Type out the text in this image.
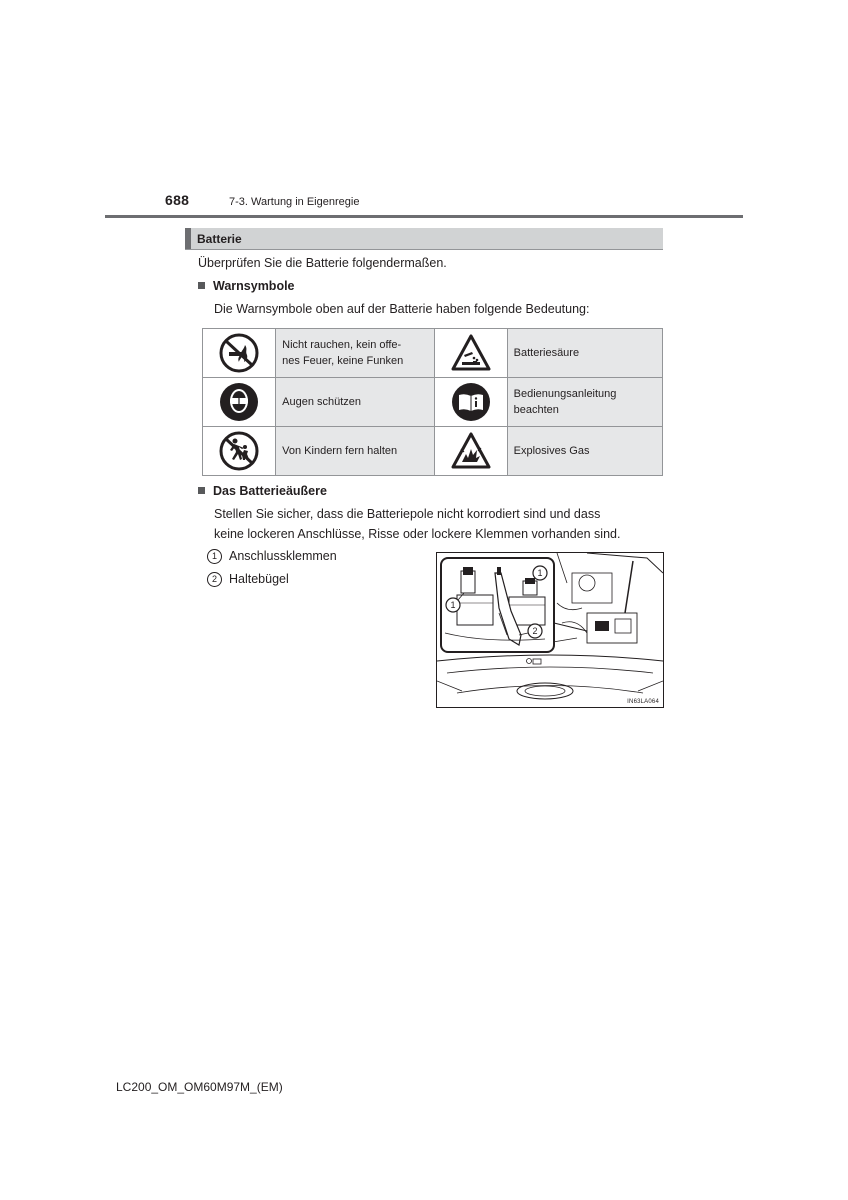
688	7-3. Wartung in Eigenregie
Batterie
Überprüfen Sie die Batterie folgendermaßen.
Warnsymbole
Die Warnsymbole oben auf der Batterie haben folgende Bedeutung:

Nicht rauchen, kein offe-
nes Feuer, keine Funken		Batteriesäure

Augen schützen		Bedienungsanleitung
beachten

Von Kindern fern halten		Explosives Gas
Das Batterieäußere
Stellen Sie sicher, dass die Batteriepole nicht korrodiert sind und dass
keine lockeren Anschlüsse, Risse oder lockere Klemmen vorhanden sind.
1 Anschlussklemmen
2 Haltebügel	1
1
2
IN63LA064
LC200_OM_OM60M97M_(EM)
